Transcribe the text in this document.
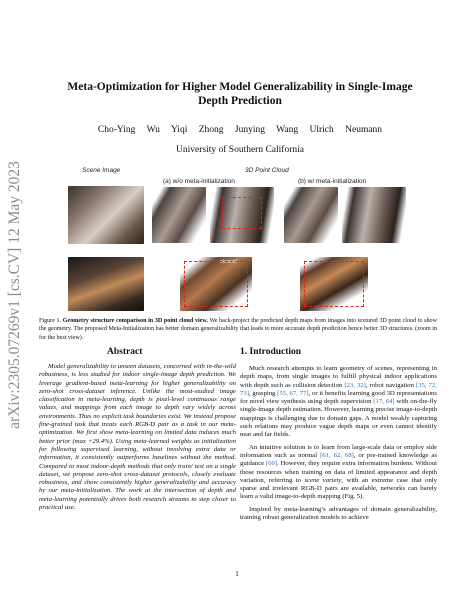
arXiv:2305.07269v1 [cs.CV] 12 May 2023
Meta-Optimization for Higher Model Generalizability in Single-Image Depth Prediction
Cho-Ying Wu Yiqi Zhong Junying Wang Ulrich Neumann
University of Southern California
Scene Image	3D Point Cloud
(a) w/o meta-initialization	(b) w/ meta-initialization
skewed
Figure 1. Geometry structure comparison in 3D point cloud view. We back-project the predicted depth maps from images into textured 3D point cloud to show the geometry. The proposed Meta-Initialization has better domain generalizability that leads to more accurate depth prediction hence better 3D structures. (zoom in for the best view).
Abstract

Model generalizability to unseen datasets, concerned with in-the-wild robustness, is less studied for indoor single-image depth prediction. We leverage gradient-based meta-learning for higher generalizability on zero-shot cross-dataset inference. Unlike the most-studied image classification in meta-learning, depth is pixel-level continuous range values, and mappings from each image to depth vary widely across environments. Thus no explicit task boundaries exist. We instead propose fine-grained task that treats each RGB-D pair as a task in our meta-optimization. We first show meta-learning on limited data induces much better prior (max +29.4%). Using meta-learned weights as initialization for following supervised learning, without involving extra data or information, it consistently outperforms baselines without the method. Compared to most indoor-depth methods that only train/ test on a single dataset, we propose zero-shot cross-dataset protocols, closely evaluate robustness, and show consistently higher generalizability and accuracy by our meta-initialization. The work at the intersection of depth and meta-learning potentially drives both research streams to step closer to practical use.

1. Introduction

Much research attempts to learn geometry of scenes, representing in depth maps, from single images to fulfill physical indoor applications with depth such as collision detection [23, 32], robot navigation [35, 72, 73], grasping [55, 67, 77], or it benefits learning good 3D representations for novel view synthesis using depth supervision [17, 64] with on-the-fly single-image depth estimation. However, learning precise image-to-depth mappings is challenging due to domain gaps. A model weakly capturing such relations may produce vague depth maps or even cannot identify near and far fields.

An intuitive solution is to learn from large-scale data or employ side information such as normal [61, 62, 68], or pre-trained knowledge as guidance [60]. However, they require extra information burdens. Without those resources when training on data of limited appearance and depth variation, referring to scene variety, with an extreme case that only sparse and irrelevant RGB-D pairs are available, networks can barely learn a valid image-to-depth mapping (Fig. 5).

Inspired by meta-learning’s advantages of domain generalizability, training robust generalization models to achieve

1
